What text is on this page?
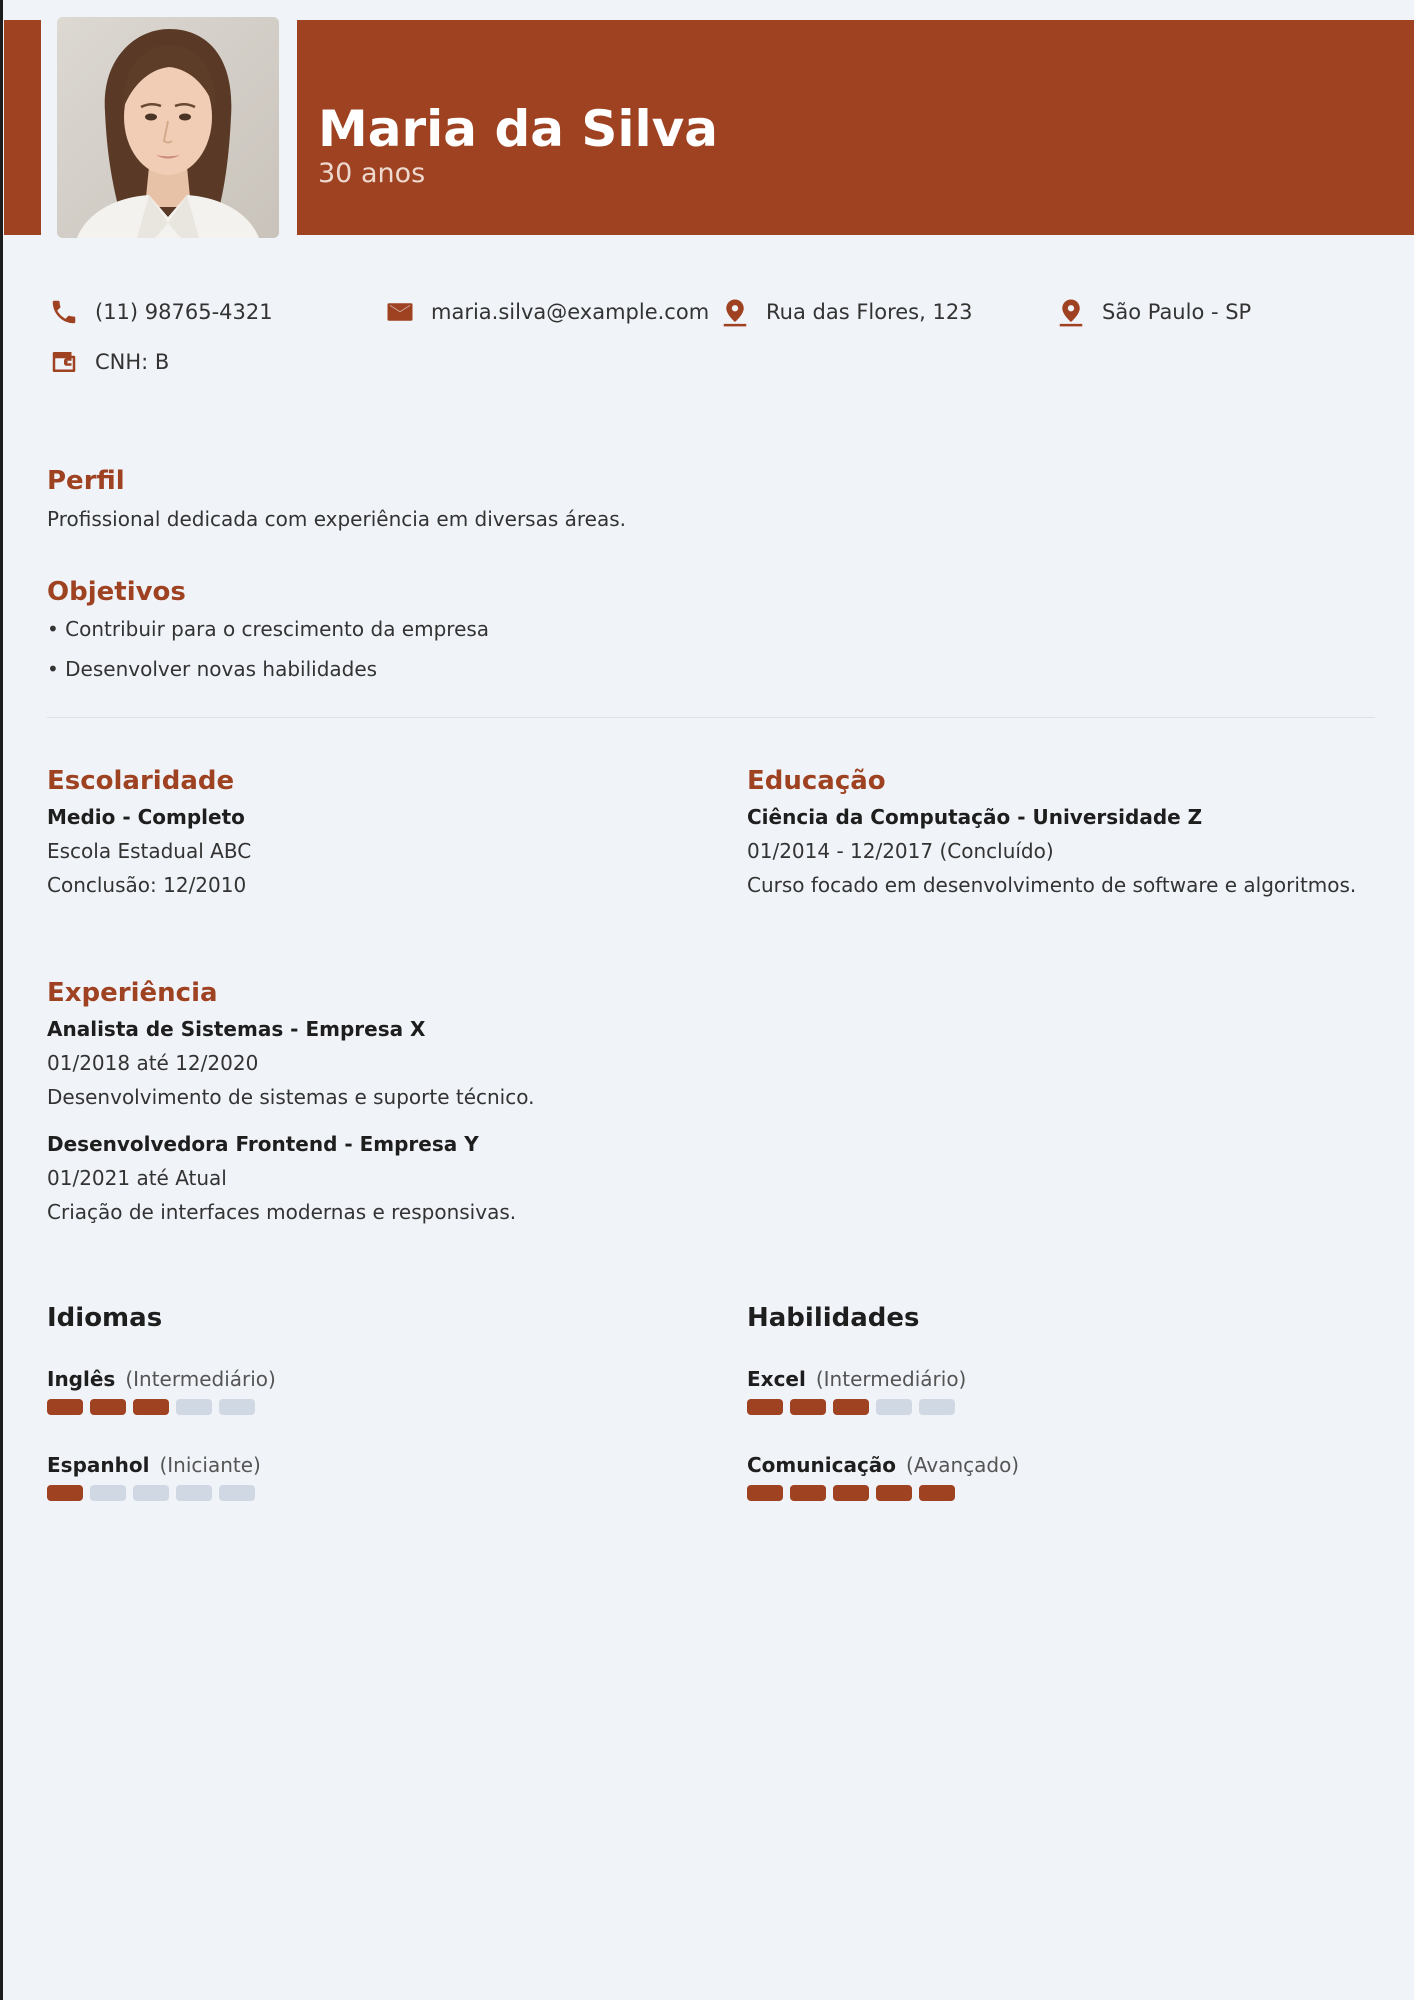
Maria da Silva
30 anos
(11) 98765-4321	maria.silva@example.com	Rua das Flores, 123	São Paulo - SP
CNH: B
Perfil
Profissional dedicada com experiência em diversas áreas.
Objetivos
• Contribuir para o crescimento da empresa
• Desenvolver novas habilidades
Escolaridade
Medio - Completo
Escola Estadual ABC
Conclusão: 12/2010
Educação
Ciência da Computação - Universidade Z
01/2014 - 12/2017 (Concluído)
Curso focado em desenvolvimento de software e algoritmos.
Experiência
Analista de Sistemas - Empresa X
01/2018 até 12/2020
Desenvolvimento de sistemas e suporte técnico.
Desenvolvedora Frontend - Empresa Y
01/2021 até Atual
Criação de interfaces modernas e responsivas.
Idiomas
Inglês (Intermediário)
Espanhol (Iniciante)
Habilidades
Excel (Intermediário)
Comunicação (Avançado)
